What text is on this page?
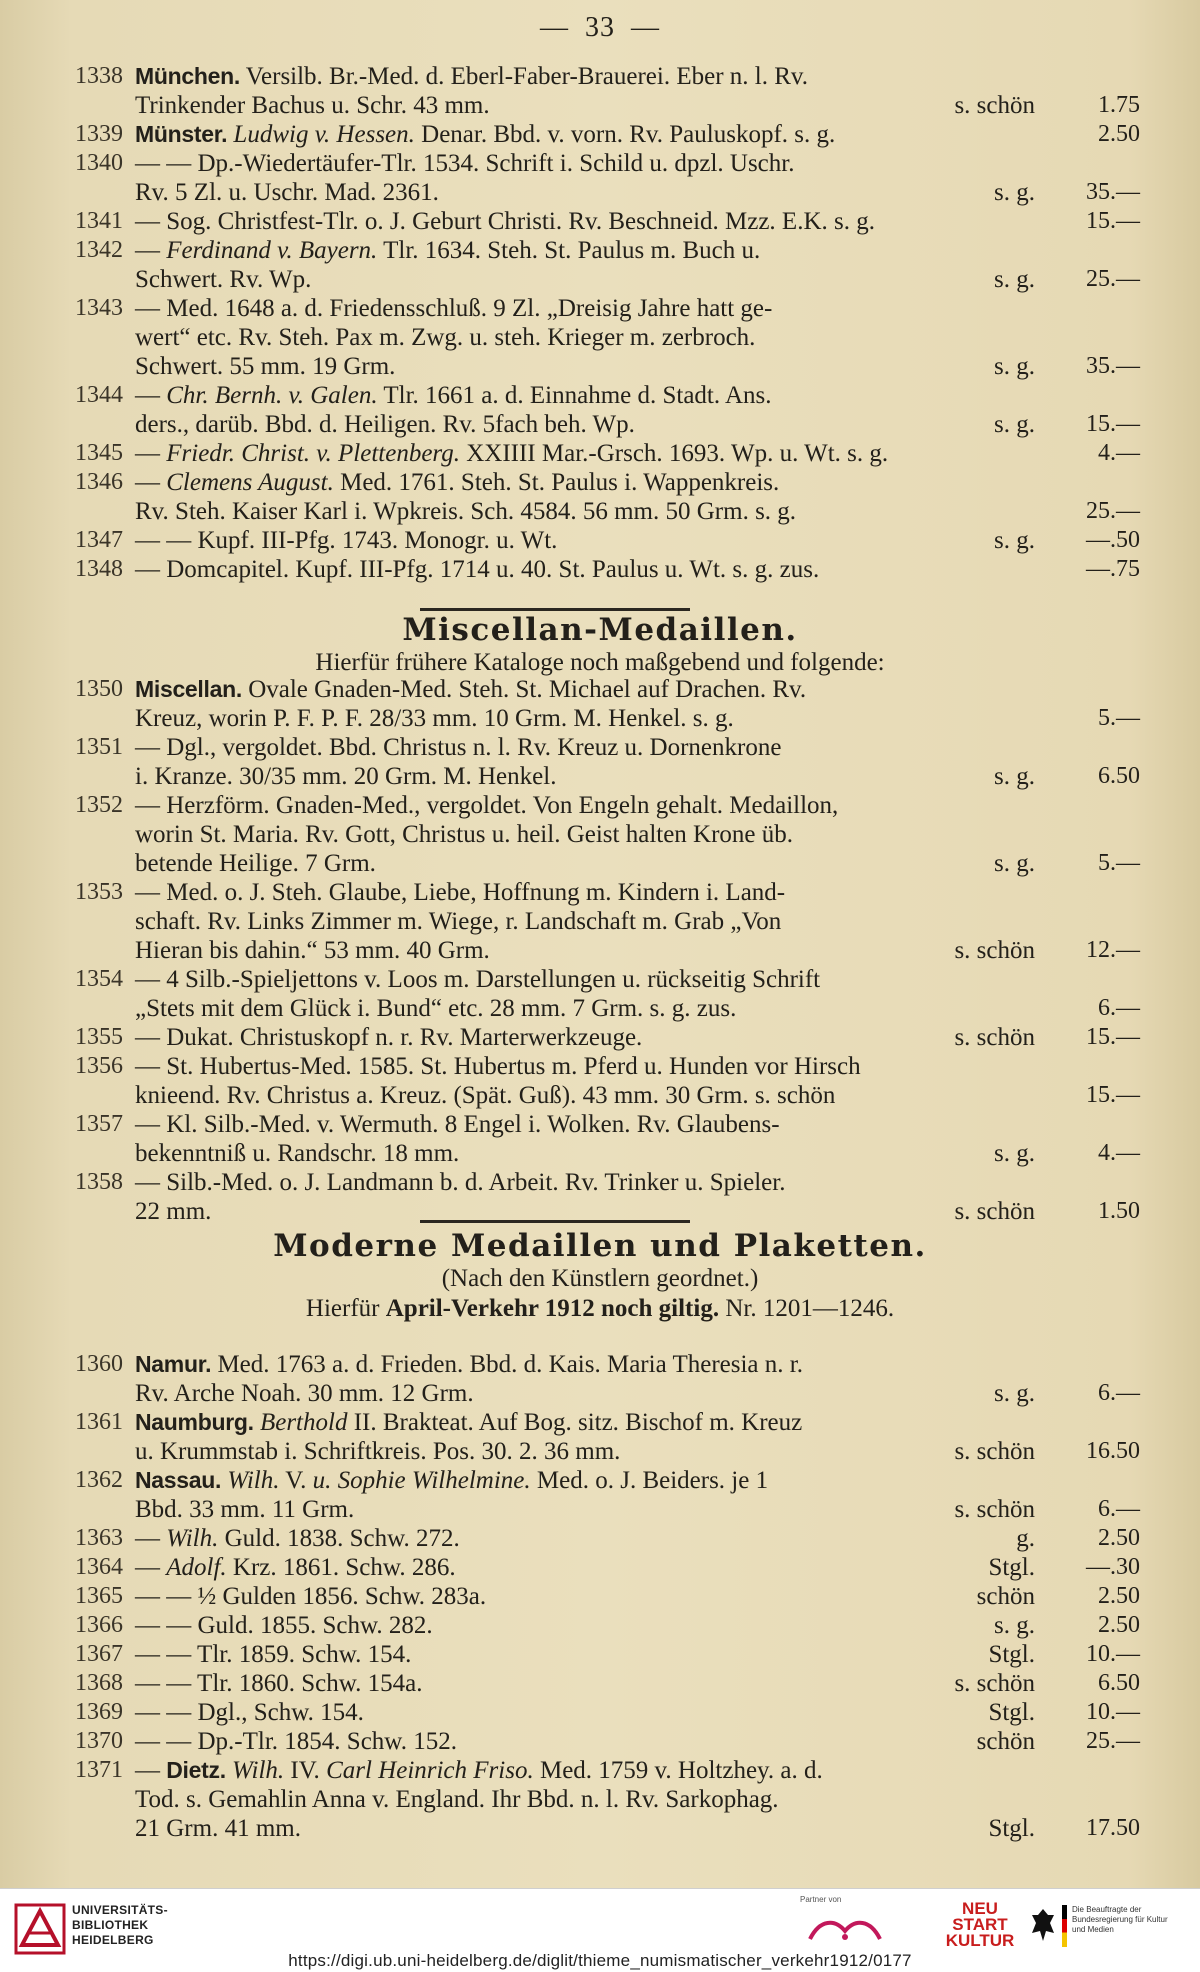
— 33 —
1338 München. Versilb. Br.-Med. d. Eberl-Faber-Brauerei. Eber n. l. Rv.
Trinkender Bachus u. Schr. 43 mm.	s. schön	1.75
1339 Münster. Ludwig v. Hessen. Denar. Bbd. v. vorn. Rv. Pauluskopf. s. g.	2.50
1340 — — Dp.-Wiedertäufer-Tlr. 1534. Schrift i. Schild u. dpzl. Uschr.
Rv. 5 Zl. u. Uschr. Mad. 2361.	s. g.	35.—
1341 — Sog. Christfest-Tlr. o. J. Geburt Christi. Rv. Beschneid. Mzz. E.K. s. g.	15.—
1342 — Ferdinand v. Bayern. Tlr. 1634. Steh. St. Paulus m. Buch u.
Schwert. Rv. Wp.	s. g.	25.—
1343 — Med. 1648 a. d. Friedensschluß. 9 Zl. „Dreisig Jahre hatt ge-
wert“ etc. Rv. Steh. Pax m. Zwg. u. steh. Krieger m. zerbroch.
Schwert. 55 mm. 19 Grm.	s. g.	35.—
1344 — Chr. Bernh. v. Galen. Tlr. 1661 a. d. Einnahme d. Stadt. Ans.
ders., darüb. Bbd. d. Heiligen. Rv. 5fach beh. Wp.	s. g.	15.—
1345 — Friedr. Christ. v. Plettenberg. XXIIII Mar.-Grsch. 1693. Wp. u. Wt. s. g.	4.—
1346 — Clemens August. Med. 1761. Steh. St. Paulus i. Wappenkreis.
Rv. Steh. Kaiser Karl i. Wpkreis. Sch. 4584. 56 mm. 50 Grm. s. g.	25.—
1347 — — Kupf. III-Pfg. 1743. Monogr. u. Wt.	s. g.	—.50
1348 — Domcapitel. Kupf. III-Pfg. 1714 u. 40. St. Paulus u. Wt. s. g. zus.	—.75
Miscellan-Medaillen.
Hierfür frühere Kataloge noch maßgebend und folgende:
1350 Miscellan. Ovale Gnaden-Med. Steh. St. Michael auf Drachen. Rv.
Kreuz, worin P. F. P. F. 28/33 mm. 10 Grm. M. Henkel. s. g.	5.—
1351 — Dgl., vergoldet. Bbd. Christus n. l. Rv. Kreuz u. Dornenkrone
i. Kranze. 30/35 mm. 20 Grm. M. Henkel.	s. g.	6.50
1352 — Herzförm. Gnaden-Med., vergoldet. Von Engeln gehalt. Medaillon,
worin St. Maria. Rv. Gott, Christus u. heil. Geist halten Krone üb.
betende Heilige. 7 Grm.	s. g.	5.—
1353 — Med. o. J. Steh. Glaube, Liebe, Hoffnung m. Kindern i. Land-
schaft. Rv. Links Zimmer m. Wiege, r. Landschaft m. Grab „Von
Hieran bis dahin.“ 53 mm. 40 Grm.	s. schön	12.—
1354 — 4 Silb.-Spieljettons v. Loos m. Darstellungen u. rückseitig Schrift
„Stets mit dem Glück i. Bund“ etc. 28 mm. 7 Grm. s. g. zus.	6.—
1355 — Dukat. Christuskopf n. r. Rv. Marterwerkzeuge.	s. schön	15.—
1356 — St. Hubertus-Med. 1585. St. Hubertus m. Pferd u. Hunden vor Hirsch
knieend. Rv. Christus a. Kreuz. (Spät. Guß). 43 mm. 30 Grm. s. schön	15.—
1357 — Kl. Silb.-Med. v. Wermuth. 8 Engel i. Wolken. Rv. Glaubens-
bekenntniß u. Randschr. 18 mm.	s. g.	4.—
1358 — Silb.-Med. o. J. Landmann b. d. Arbeit. Rv. Trinker u. Spieler.
22 mm.	s. schön	1.50
Moderne Medaillen und Plaketten.
(Nach den Künstlern geordnet.)
Hierfür April-Verkehr 1912 noch giltig. Nr. 1201—1246.
1360 Namur. Med. 1763 a. d. Frieden. Bbd. d. Kais. Maria Theresia n. r.
Rv. Arche Noah. 30 mm. 12 Grm.	s. g.	6.—
1361 Naumburg. Berthold II. Brakteat. Auf Bog. sitz. Bischof m. Kreuz
u. Krummstab i. Schriftkreis. Pos. 30. 2. 36 mm.	s. schön	16.50
1362 Nassau. Wilh. V. u. Sophie Wilhelmine. Med. o. J. Beiders. je 1
Bbd. 33 mm. 11 Grm.	s. schön	6.—
1363 — Wilh. Guld. 1838. Schw. 272.	g.	2.50
1364 — Adolf. Krz. 1861. Schw. 286.	Stgl.	—.30
1365 — — ½ Gulden 1856. Schw. 283a.	schön	2.50
1366 — — Guld. 1855. Schw. 282.	s. g.	2.50
1367 — — Tlr. 1859. Schw. 154.	Stgl.	10.—
1368 — — Tlr. 1860. Schw. 154a.	s. schön	6.50
1369 — — Dgl., Schw. 154.	Stgl.	10.—
1370 — — Dp.-Tlr. 1854. Schw. 152.	schön	25.—
1371 — Dietz. Wilh. IV. Carl Heinrich Friso. Med. 1759 v. Holtzhey. a. d.
Tod. s. Gemahlin Anna v. England. Ihr Bbd. n. l. Rv. Sarkophag.
21 Grm. 41 mm.	Stgl.	17.50
UNIVERSITÄTS-
BIBLIOTHEK
HEIDELBERG
Partner von	NEU
START
KULTUR
Die Beauftragte der Bundesregierung für Kultur und Medien
https://digi.ub.uni-heidelberg.de/diglit/thieme_numismatischer_verkehr1912/0177
